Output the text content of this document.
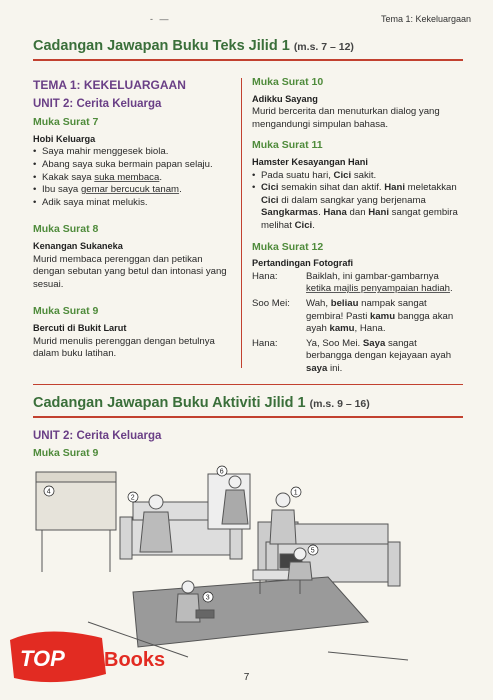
- —	Tema 1: Kekeluargaan
Cadangan Jawapan Buku Teks Jilid 1 (m.s. 7 – 12)
TEMA 1: KEKELUARGAAN
UNIT 2: Cerita Keluarga
Muka Surat 7
Hobi Keluarga
• Saya mahir menggesek biola.
• Abang saya suka bermain papan selaju.
• Kakak saya suka membaca.
• Ibu saya gemar bercucuk tanam.
• Adik saya minat melukis.
Muka Surat 8
Kenangan Sukaneka
Murid membaca perenggan dan petikan dengan sebutan yang betul dan intonasi yang sesuai.
Muka Surat 9
Bercuti di Bukit Larut
Murid menulis perenggan dengan betulnya dalam buku latihan.
Muka Surat 10
Adikku Sayang
Murid bercerita dan menuturkan dialog yang mengandungi simpulan bahasa.
Muka Surat 11
Hamster Kesayangan Hani
• Pada suatu hari, Cici sakit.
• Cici semakin sihat dan aktif. Hani meletakkan Cici di dalam sangkar yang berjenama Sangkarmas. Hana dan Hani sangat gembira melihat Cici.
Muka Surat 12
Pertandingan Fotografi
Hana:	Baiklah, ini gambar-gambarnya ketika majlis penyampaian hadiah.
Soo Mei:	Wah, beliau nampak sangat gembira! Pasti kamu bangga akan ayah kamu, Hana.
Hana:	Ya, Soo Mei. Saya sangat berbangga dengan kejayaan ayah saya ini.
Cadangan Jawapan Buku Aktiviti Jilid 1 (m.s. 9 – 16)
UNIT 2: Cerita Keluarga
Muka Surat 9
4
2
6
1
5
3
7
TOP Books
